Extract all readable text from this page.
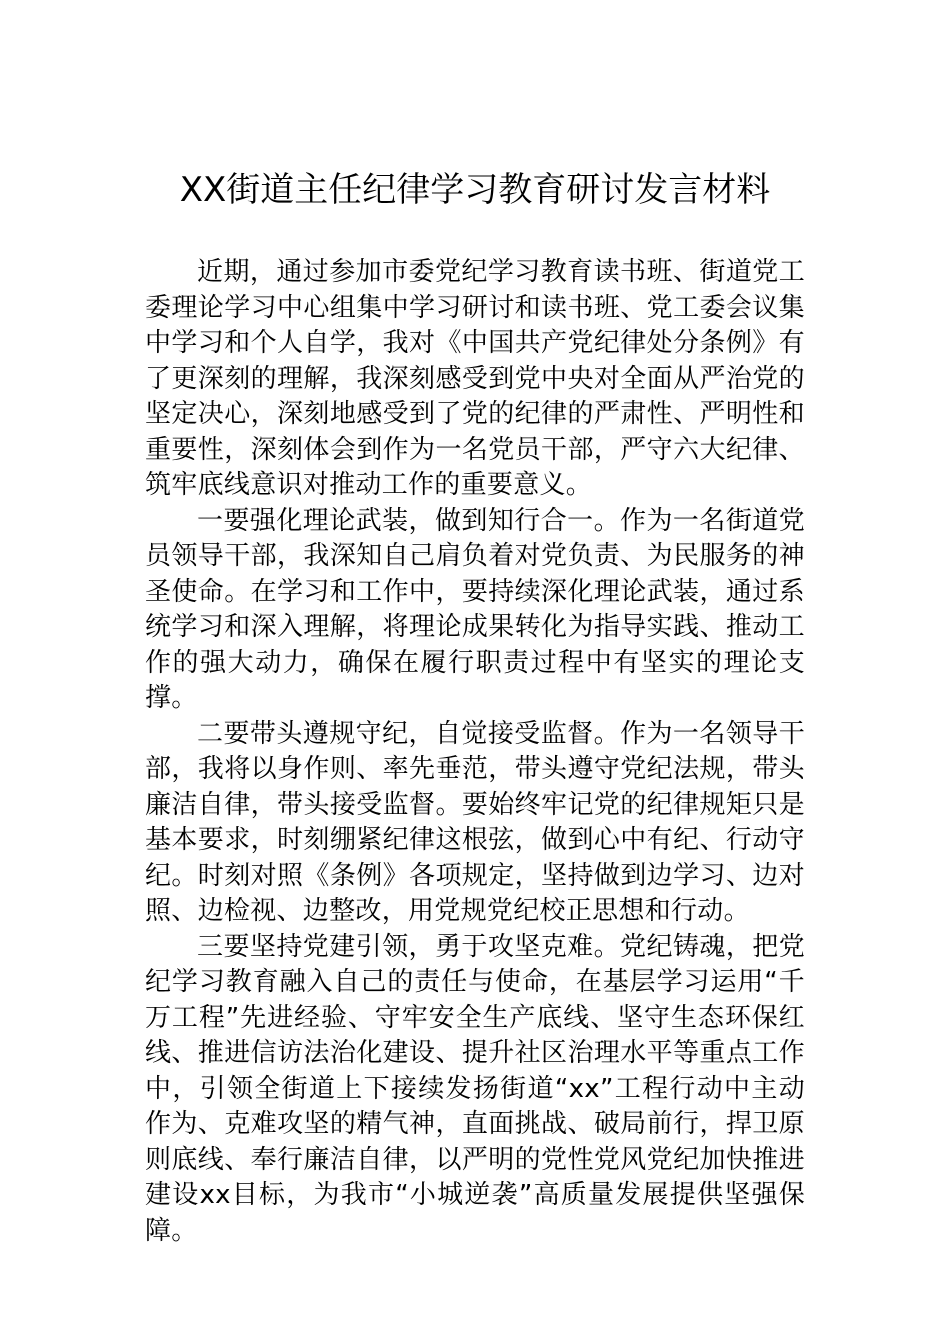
XX街道主任纪律学习教育研讨发言材料

近期，通过参加市委党纪学习教育读书班、街道党工委理论学习中心组集中学习研讨和读书班、党工委会议集中学习和个人自学，我对《中国共产党纪律处分条例》有了更深刻的理解，我深刻感受到党中央对全面从严治党的坚定决心，深刻地感受到了党的纪律的严肃性、严明性和重要性，深刻体会到作为一名党员干部，严守六大纪律、筑牢底线意识对推动工作的重要意义。

一要强化理论武装，做到知行合一。作为一名街道党员领导干部，我深知自己肩负着对党负责、为民服务的神圣使命。在学习和工作中，要持续深化理论武装，通过系统学习和深入理解，将理论成果转化为指导实践、推动工作的强大动力，确保在履行职责过程中有坚实的理论支撑。

二要带头遵规守纪，自觉接受监督。作为一名领导干部，我将以身作则、率先垂范，带头遵守党纪法规，带头廉洁自律，带头接受监督。要始终牢记党的纪律规矩只是基本要求，时刻绷紧纪律这根弦，做到心中有纪、行动守纪。时刻对照《条例》各项规定，坚持做到边学习、边对照、边检视、边整改，用党规党纪校正思想和行动。

三要坚持党建引领，勇于攻坚克难。党纪铸魂，把党纪学习教育融入自己的责任与使命，在基层学习运用“千万工程”先进经验、守牢安全生产底线、坚守生态环保红线、推进信访法治化建设、提升社区治理水平等重点工作中，引领全街道上下接续发扬街道“xx”工程行动中主动作为、克难攻坚的精气神，直面挑战、破局前行，捍卫原则底线、奉行廉洁自律，以严明的党性党风党纪加快推进建设xx目标，为我市“小城逆袭”高质量发展提供坚强保障。
